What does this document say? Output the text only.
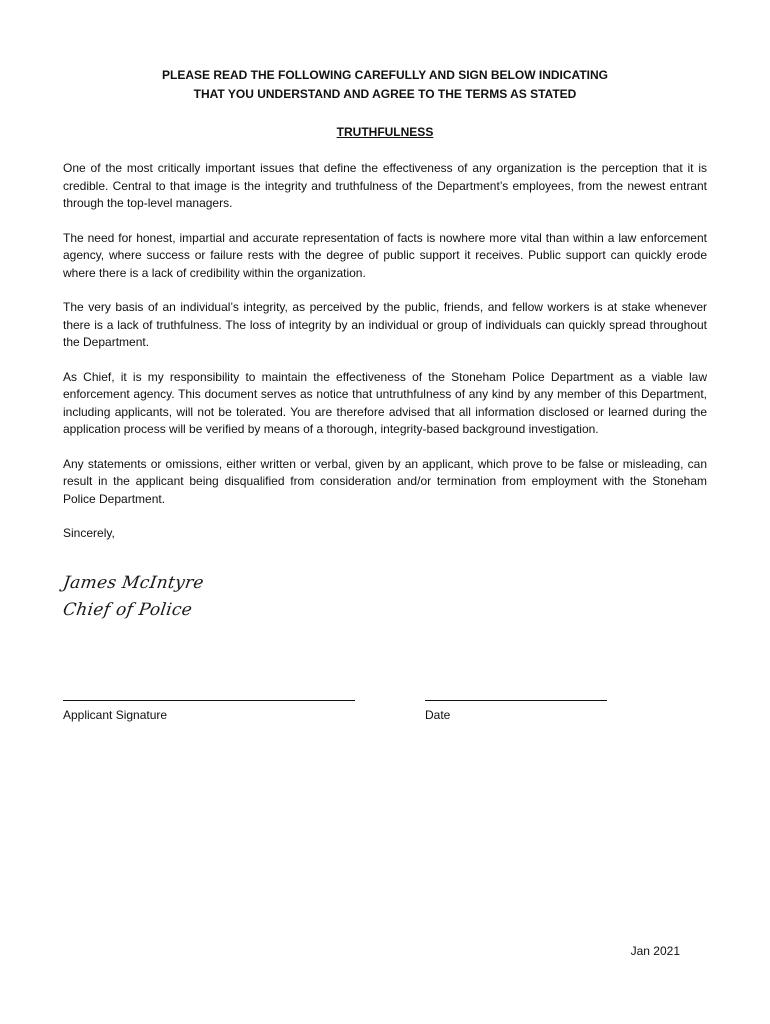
PLEASE READ THE FOLLOWING CAREFULLY AND SIGN BELOW INDICATING
THAT YOU UNDERSTAND AND AGREE TO THE TERMS AS STATED
TRUTHFULNESS

One of the most critically important issues that define the effectiveness of any organization is the perception that it is credible. Central to that image is the integrity and truthfulness of the Department’s employees, from the newest entrant through the top-level managers.

The need for honest, impartial and accurate representation of facts is nowhere more vital than within a law enforcement agency, where success or failure rests with the degree of public support it receives. Public support can quickly erode where there is a lack of credibility within the organization.

The very basis of an individual’s integrity, as perceived by the public, friends, and fellow workers is at stake whenever there is a lack of truthfulness. The loss of integrity by an individual or group of individuals can quickly spread throughout the Department.

As Chief, it is my responsibility to maintain the effectiveness of the Stoneham Police Department as a viable law enforcement agency. This document serves as notice that untruthfulness of any kind by any member of this Department, including applicants, will not be tolerated. You are therefore advised that all information disclosed or learned during the application process will be verified by means of a thorough, integrity-based background investigation.

Any statements or omissions, either written or verbal, given by an applicant, which prove to be false or misleading, can result in the applicant being disqualified from consideration and/or termination from employment with the Stoneham Police Department.

Sincerely,

James McIntyre
Chief of Police
Applicant Signature	Date
Jan 2021
